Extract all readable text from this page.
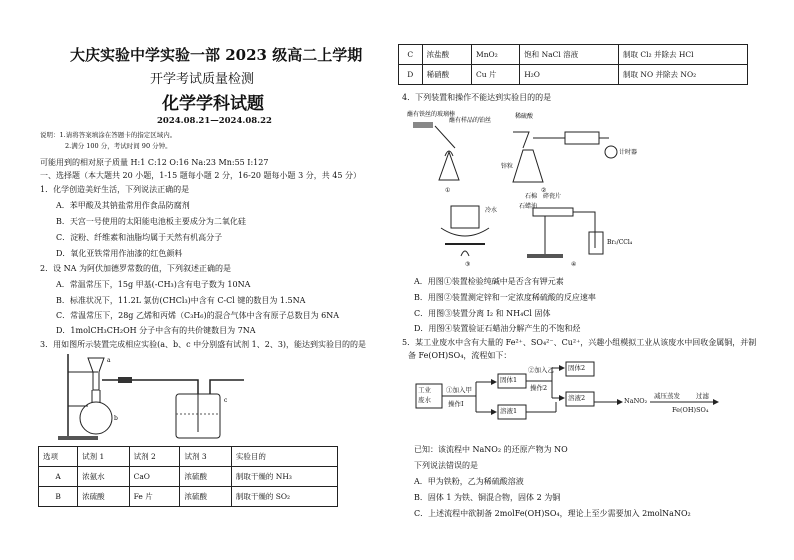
大庆实验中学实验一部 2023 级高二上学期
开学考试质量检测
化学学科试题
2024.08.21—2024.08.22
说明：1.请将答案填涂在答题卡的指定区域内。
2.满分 100 分，考试时间 90 分钟。
可能用到的相对原子质量 H:1 C:12 O:16 Na:23 Mn:55 I:127
一、选择题（本大题共 20 小题，1-15 题每小题 2 分，16-20 题每小题 3 分，共 45 分）
1．化学创造美好生活，下列说法正确的是
A．苯甲酸及其钠盐常用作食品防腐剂
B．天宫一号使用的太阳能电池板主要成分为二氧化硅
C．淀粉、纤维素和油脂均属于天然有机高分子
D．氧化亚铁常用作油漆的红色颜料
2．设 NA 为阿伏加德罗常数的值，下列叙述正确的是
A．常温常压下，15g 甲基(-CH₃)含有电子数为 10NA
B．标准状况下，11.2L 氯仿(CHCl₃)中含有 C-Cl 键的数目为 1.5NA
C．常温常压下，28g 乙烯和丙烯（C₃H₆)的混合气体中含有原子总数目为 6NA
D．1molCH₃CH₂OH 分子中含有的共价键数目为 7NA
3．用如图所示装置完成相应实验(a、b、c 中分别盛有试剂 1、2、3)，能达到实验目的的是
a
b
c
选项	试剂 1	试剂 2	试剂 3	实验目的
A	浓氨水	CaO	浓硫酸	制取干燥的 NH₃
B	浓硫酸	Fe 片	浓硫酸	制取干燥的 SO₂
C	浓盐酸	MnO₂	饱和 NaCl 溶液	制取 Cl₂ 并除去 HCl
D	稀硝酸	Cu 片	H₂O	制取 NO 并除去 NO₂
4．下列装置和操作不能达到实验目的的是
蘸有铁丝的玻璃棒
蘸有样品的铂丝
①
稀硫酸
锌粒
计时器
②
冷水
③
石棉 碎瓷片
石蜡油
Br₂/CCl₄
④
A．用图①装置检验纯碱中是否含有钾元素
B．用图②装置测定锌和一定浓度稀硫酸的反应速率
C．用图③装置分离 I₂ 和 NH₄Cl 固体
D．用图④装置验证石蜡油分解产生的不饱和烃
5．某工业废水中含有大量的 Fe²⁺、SO₄²⁻、Cu²⁺，兴趣小组模拟工业从该废水中回收金属铜，并制
备 Fe(OH)SO₄，流程如下：
工业
废水
①加入甲
操作Ⅰ
固体1
溶液1
②加入乙
操作2
固体2
溶液2	NaNO₂
减压蒸发 过滤
Fe(OH)SO₄
已知：该流程中 NaNO₂ 的还原产物为 NO
下列说法错误的是
A．甲为铁粉，乙为稀硫酸溶液
B．固体 1 为铁、铜混合物，固体 2 为铜
C．上述流程中欲制备 2molFe(OH)SO₄，理论上至少需要加入 2molNaNO₂
